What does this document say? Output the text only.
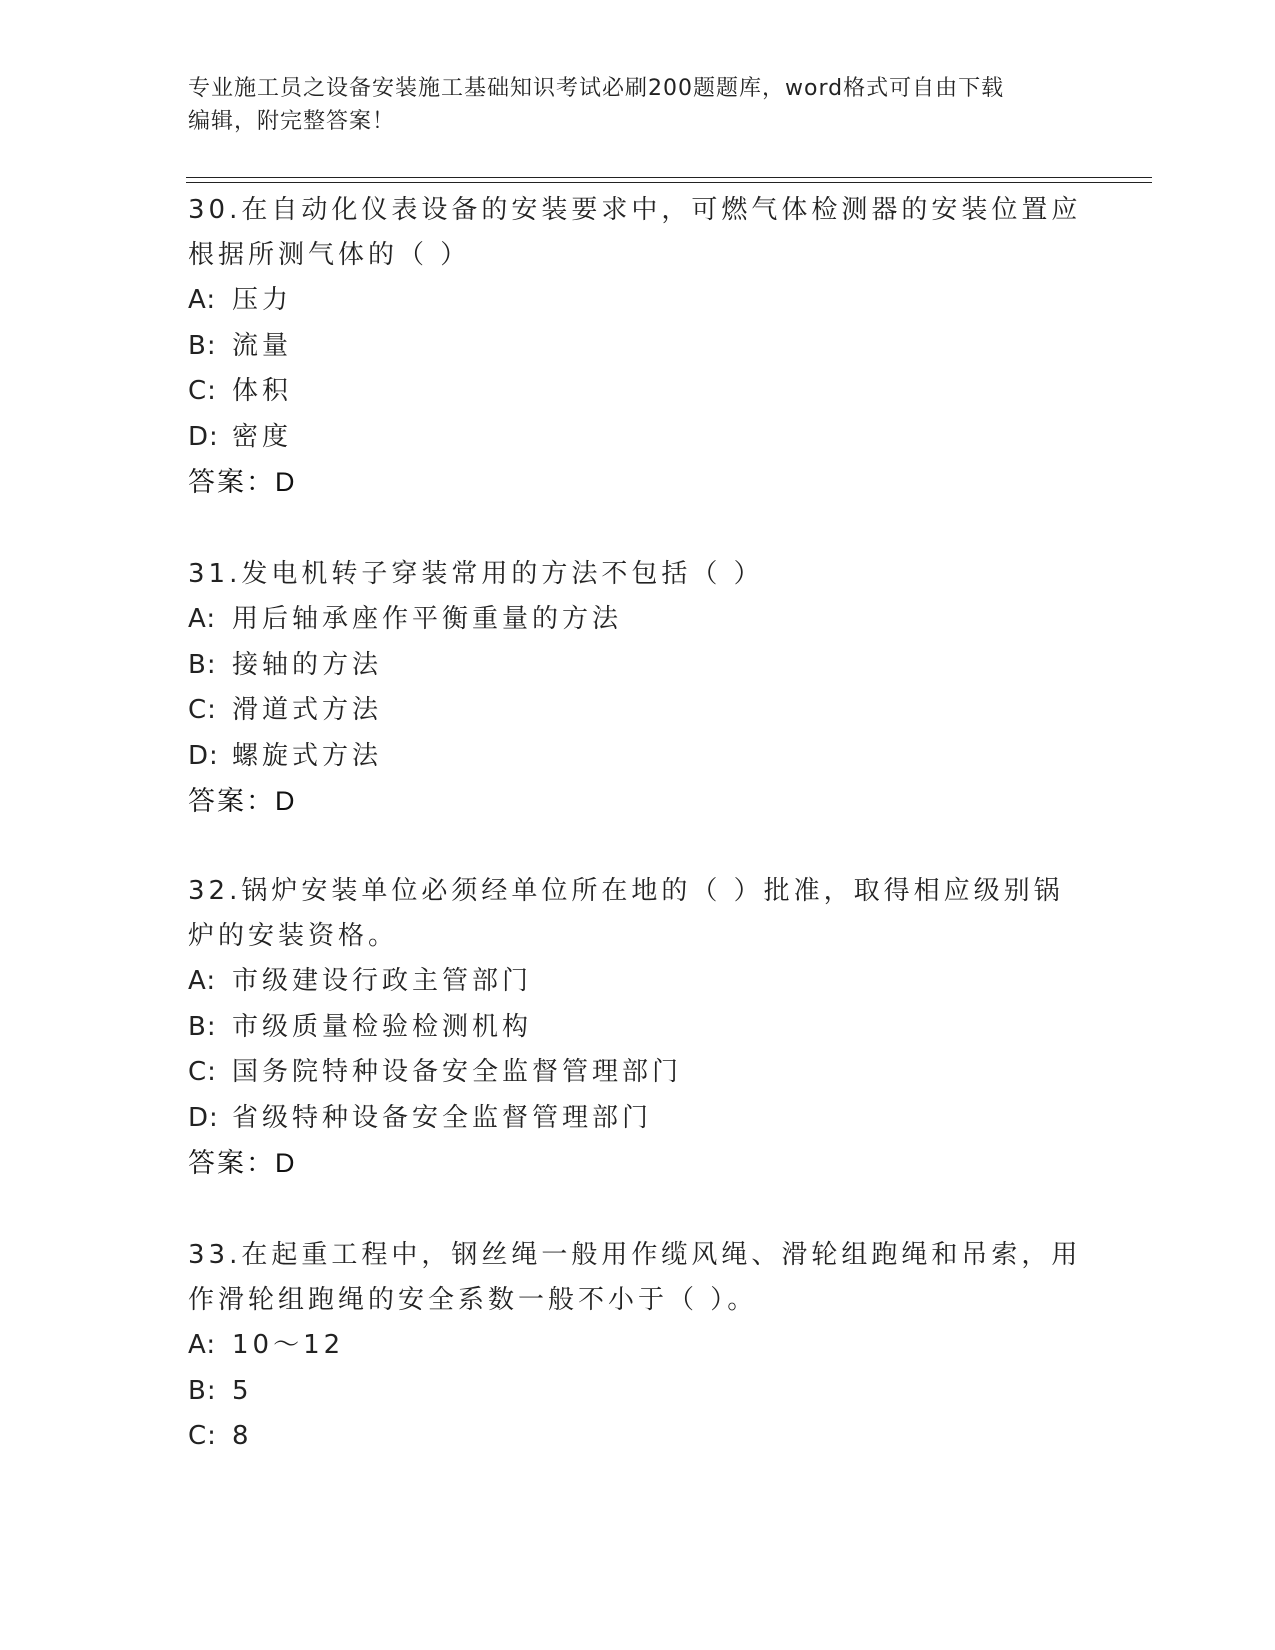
专业施工员之设备安装施工基础知识考试必刷200题题库，word格式可自由下载
编辑，附完整答案！
30.在自动化仪表设备的安装要求中，可燃气体检测器的安装位置应根据所测气体的（ ）
A: 压力
B: 流量
C: 体积
D: 密度
答案：D
31.发电机转子穿装常用的方法不包括（ ）
A: 用后轴承座作平衡重量的方法
B: 接轴的方法
C: 滑道式方法
D: 螺旋式方法
答案：D
32.锅炉安装单位必须经单位所在地的（ ）批准，取得相应级别锅炉的安装资格。
A: 市级建设行政主管部门
B: 市级质量检验检测机构
C: 国务院特种设备安全监督管理部门
D: 省级特种设备安全监督管理部门
答案：D
33.在起重工程中，钢丝绳一般用作缆风绳、滑轮组跑绳和吊索，用作滑轮组跑绳的安全系数一般不小于（ ）。
A: 10～12
B: 5
C: 8
